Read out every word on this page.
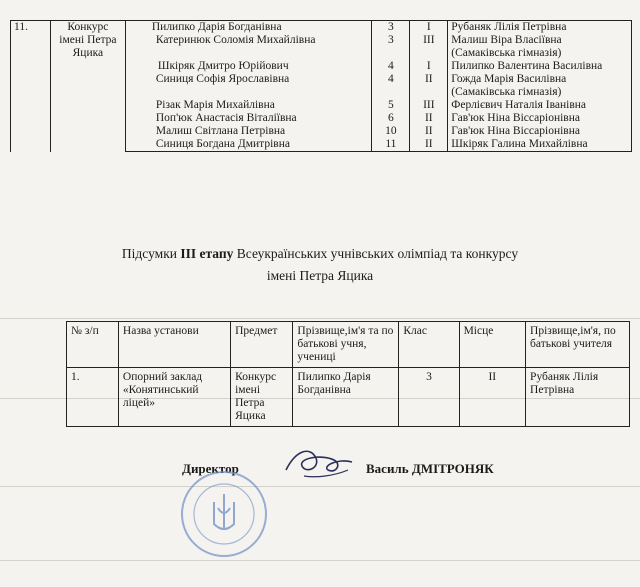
11.	Конкурс імені Петра Яцика	Пилипко Дарія Богданівна	3	І	Рубаняк Лілія Петрівна
		Катеринюк Соломія Михайлівна	3	ІІІ	Малиш Віра Власіївна (Самаківська гімназія)
		Шкіряк Дмитро Юрійович	4	І	Пилипко Валентина Василівна
		Синиця Софія Ярославівна	4	ІІ	Гожда Марія Василівна (Самаківська гімназія)
		Різак Марія Михайлівна	5	ІІІ	Ферлієвич Наталія Іванівна
		Поп'юк Анастасія Віталіївна	6	ІІ	Гав'юк Ніна Віссаріонівна
		Малиш Світлана Петрівна	10	ІІ	Гав'юк Ніна Віссаріонівна
		Синиця Богдана Дмитрівна	11	ІІ	Шкіряк Галина Михайлівна
Підсумки ІІІ етапу Всеукраїнських учнівських олімпіад та конкурсу
імені Петра Яцика
№ з/п	Назва установи	Предмет	Прізвище,ім'я та по батькові учня, учениці	Клас	Місце	Прізвище,ім'я, по батькові учителя
1.	Опорний заклад «Конятинський ліцей»	Конкурс імені Петра Яцика	Пилипко Дарія Богданівна	3	ІІ	Рубаняк Лілія Петрівна
Директор	Василь ДМІТРОНЯК
